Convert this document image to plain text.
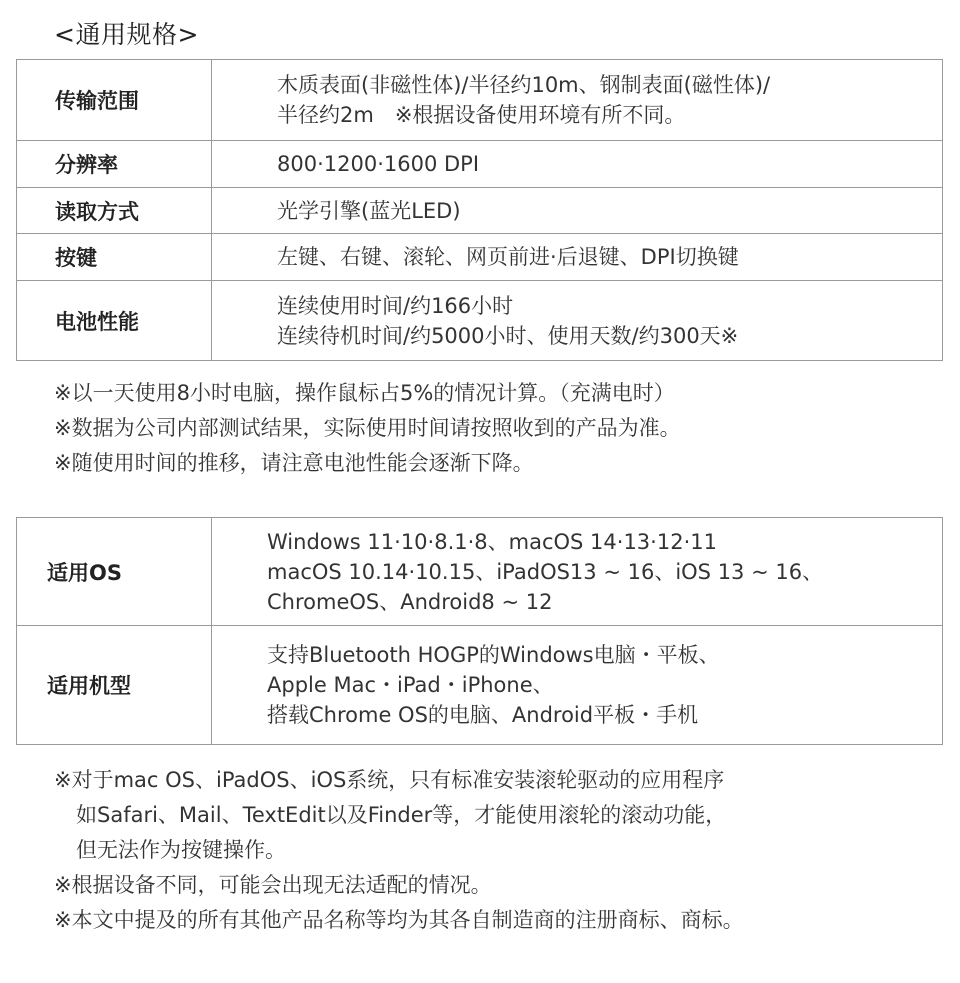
<通用规格>
传输范围	木质表面(非磁性体)/半径约10m、钢制表面(磁性体)/
半径约2m　※根据设备使用环境有所不同。

分辨率	800·1200·1600 DPI

读取方式	光学引擎(蓝光LED)

按键	左键、右键、滚轮、网页前进·后退键、DPI切换键

电池性能	连续使用时间/约166小时
连续待机时间/约5000小时、使用天数/约300天※
※以一天使用8小时电脑，操作鼠标占5%的情况计算。（充满电时）
※数据为公司内部测试结果，实际使用时间请按照收到的产品为准。
※随使用时间的推移，请注意电池性能会逐渐下降。
适用OS	Windows 11·10·8.1·8、macOS 14·13·12·11
macOS 10.14·10.15、iPadOS13 ~ 16、iOS 13 ~ 16、
ChromeOS、Android8 ~ 12

适用机型	支持Bluetooth HOGP的Windows电脑・平板、
Apple Mac・iPad・iPhone、
搭载Chrome OS的电脑、Android平板・手机
※对于mac OS、iPadOS、iOS系统，只有标准安装滚轮驱动的应用程序
如Safari、Mail、TextEdit以及Finder等，才能使用滚轮的滚动功能，
但无法作为按键操作。
※根据设备不同，可能会出现无法适配的情况。
※本文中提及的所有其他产品名称等均为其各自制造商的注册商标、商标。
